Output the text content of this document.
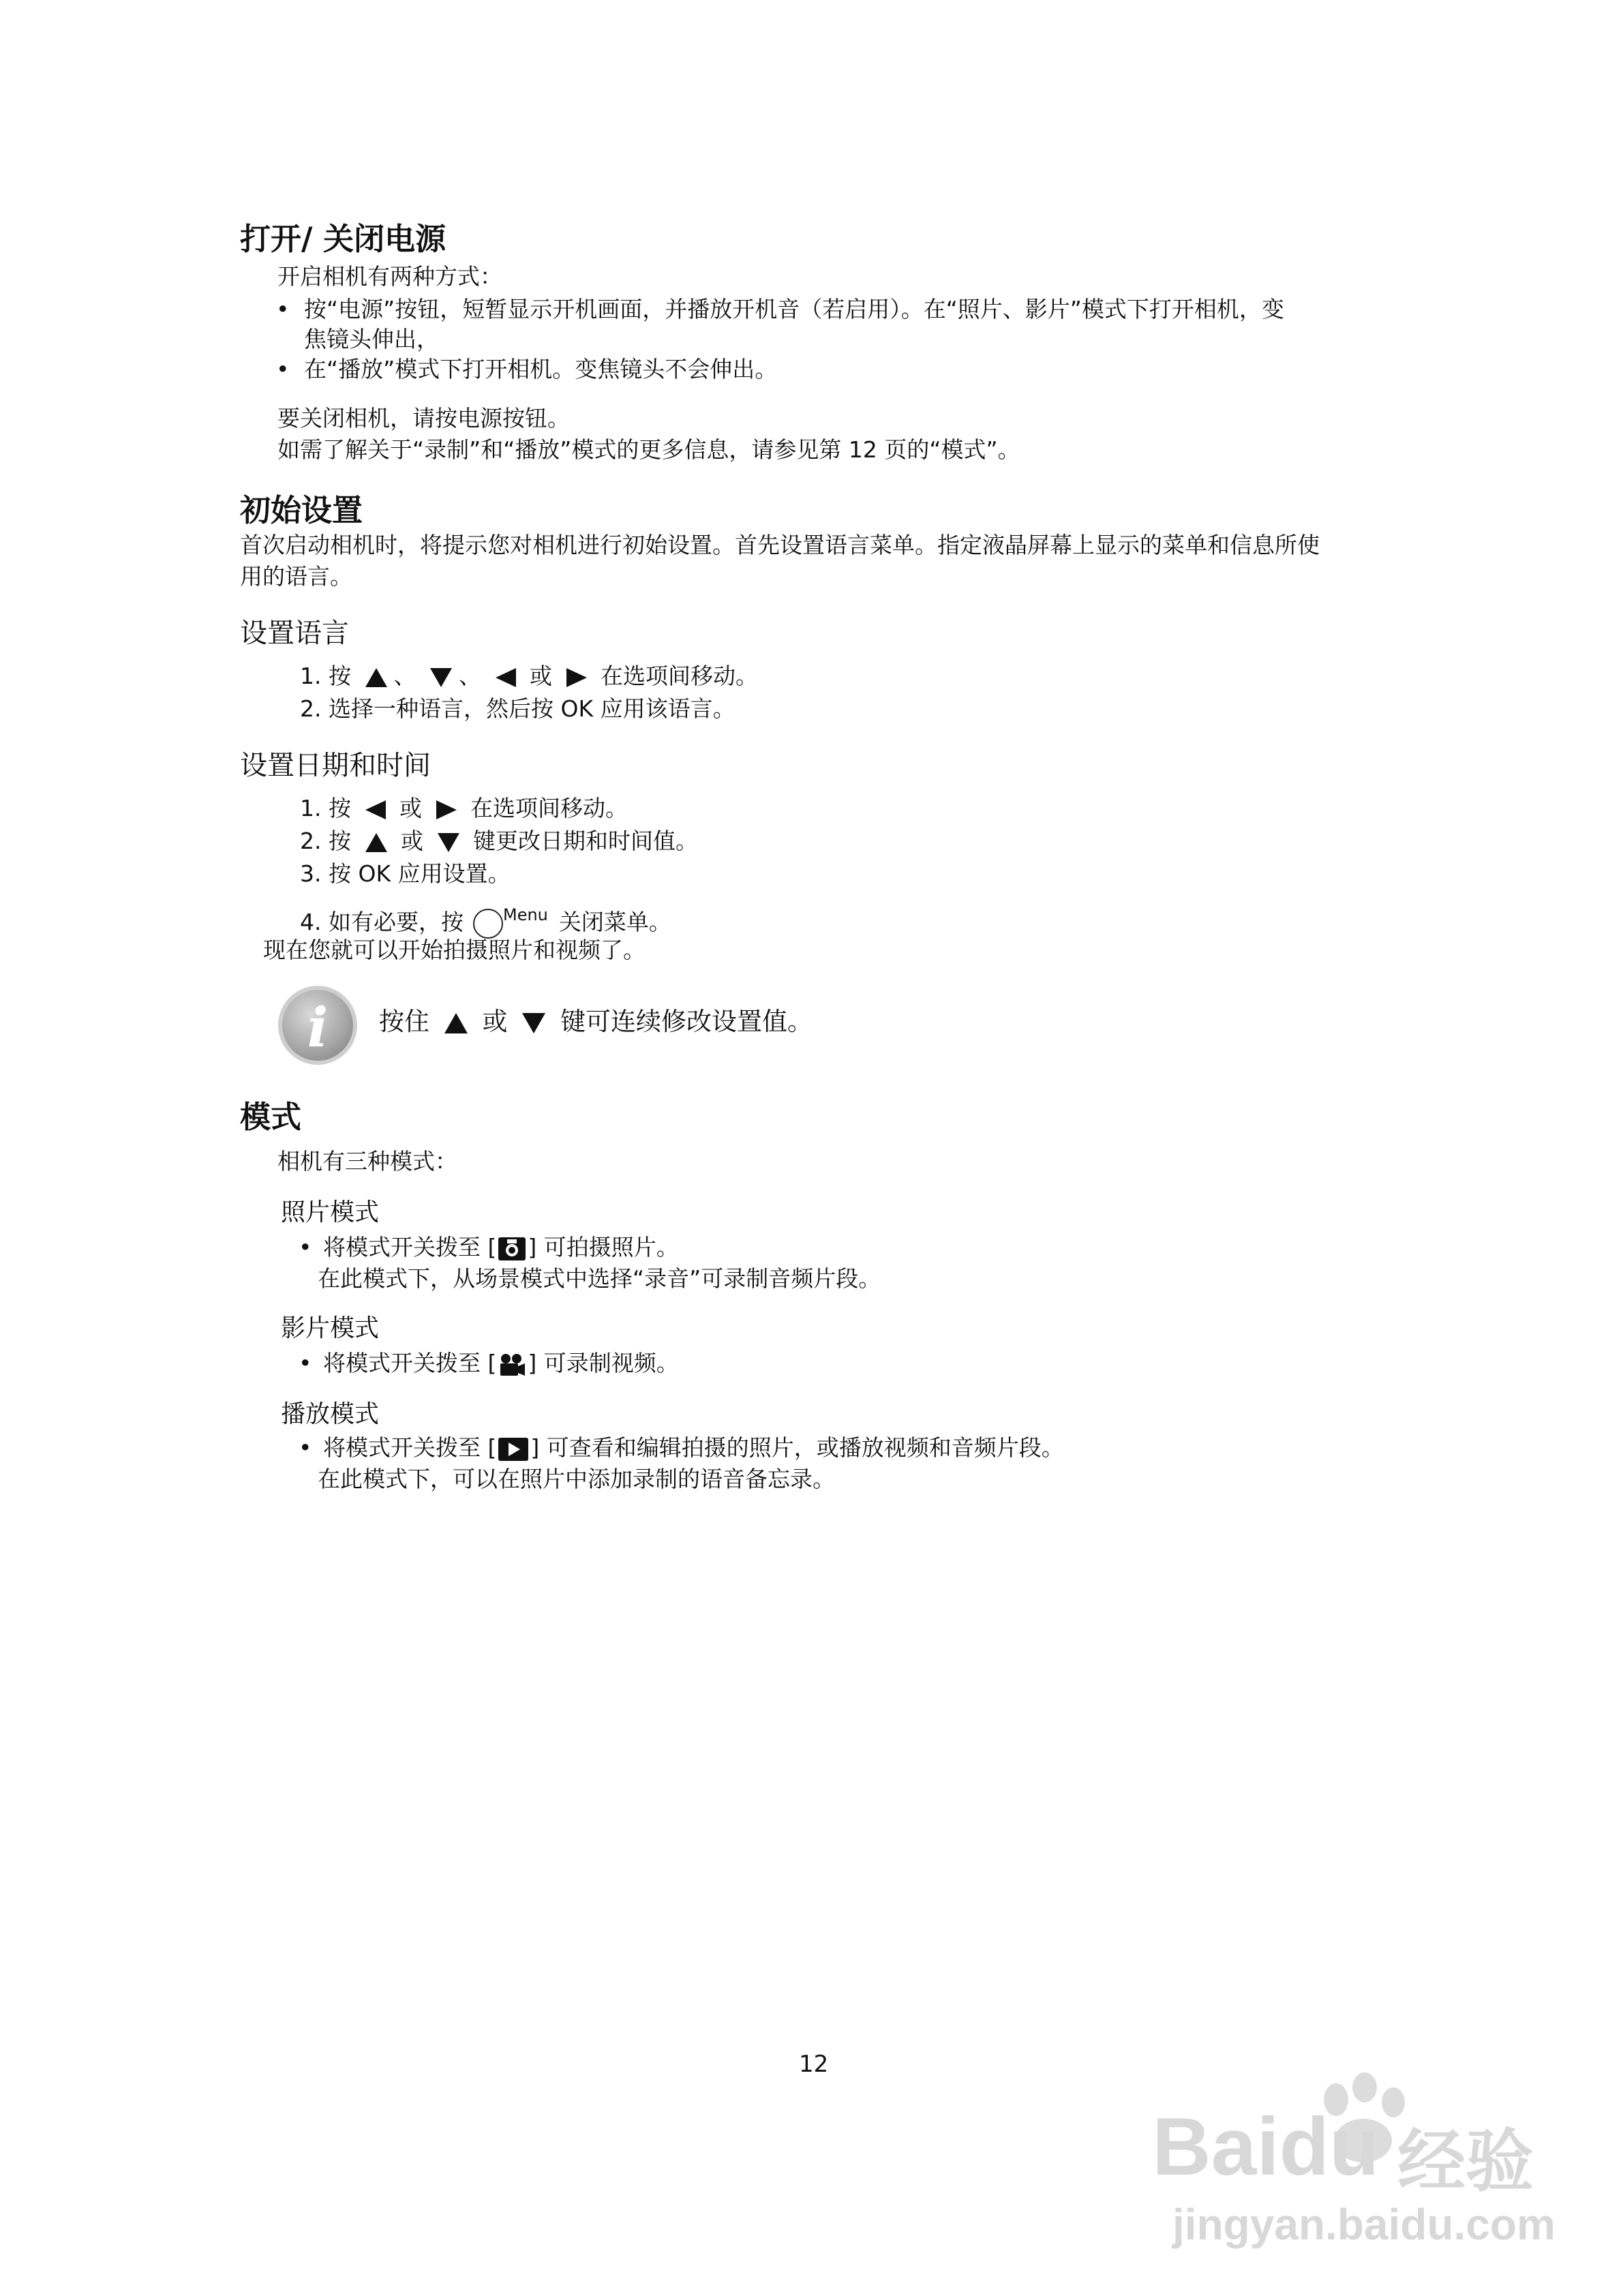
打开/ 关闭电源
开启相机有两种方式：
• 按“电源”按钮，短暂显示开机画面，并播放开机音（若启用）。在“照片、影片”模式下打开相机，变
焦镜头伸出，
• 在“播放”模式下打开相机。变焦镜头不会伸出。
要关闭相机，请按电源按钮。
如需了解关于“录制”和“播放”模式的更多信息，请参见第 12 页的“模式”。
初始设置
首次启动相机时，将提示您对相机进行初始设置。首先设置语言菜单。指定液晶屏幕上显示的菜单和信息所使
用的语言。
设置语言
1. 按 、 、 或 在选项间移动。
2. 选择一种语言，然后按 OK 应用该语言。
设置日期和时间
1. 按 或 在选项间移动。
2. 按 或 键更改日期和时间值。
3. 按 OK 应用设置。
4. 如有必要，按 $^{Menu}$ 关闭菜单。
现在您就可以开始拍摄照片和视频了。
i	按住 或 键可连续修改设置值。
模式
相机有三种模式：
照片模式
• 将模式开关拨至 [ ] 可拍摄照片。
在此模式下，从场景模式中选择“录音”可录制音频片段。
影片模式
• 将模式开关拨至 [ ] 可录制视频。
播放模式
• 将模式开关拨至 [ ] 可查看和编辑拍摄的照片，或播放视频和音频片段。
在此模式下，可以在照片中添加录制的语音备忘录。
12
Baidu 经验
jingyan.baidu.com
